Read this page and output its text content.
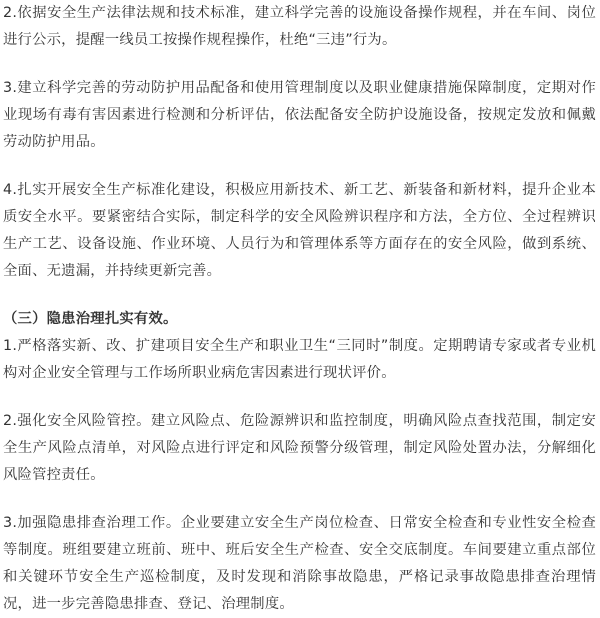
2.依据安全生产法律法规和技术标准，建立科学完善的设施设备操作规程，并在车间、岗位进行公示，提醒一线员工按操作规程操作，杜绝“三违”行为。

3.建立科学完善的劳动防护用品配备和使用管理制度以及职业健康措施保障制度，定期对作业现场有毒有害因素进行检测和分析评估，依法配备安全防护设施设备，按规定发放和佩戴劳动防护用品。

4.扎实开展安全生产标准化建设，积极应用新技术、新工艺、新装备和新材料，提升企业本质安全水平。要紧密结合实际，制定科学的安全风险辨识程序和方法，全方位、全过程辨识生产工艺、设备设施、作业环境、人员行为和管理体系等方面存在的安全风险，做到系统、全面、无遗漏，并持续更新完善。

（三）隐患治理扎实有效。

1.严格落实新、改、扩建项目安全生产和职业卫生“三同时”制度。定期聘请专家或者专业机构对企业安全管理与工作场所职业病危害因素进行现状评价。

2.强化安全风险管控。建立风险点、危险源辨识和监控制度，明确风险点查找范围，制定安全生产风险点清单，对风险点进行评定和风险预警分级管理，制定风险处置办法，分解细化风险管控责任。

3.加强隐患排查治理工作。企业要建立安全生产岗位检查、日常安全检查和专业性安全检查等制度。班组要建立班前、班中、班后安全生产检查、安全交底制度。车间要建立重点部位和关键环节安全生产巡检制度，及时发现和消除事故隐患，严格记录事故隐患排查治理情况，进一步完善隐患排查、登记、治理制度。
